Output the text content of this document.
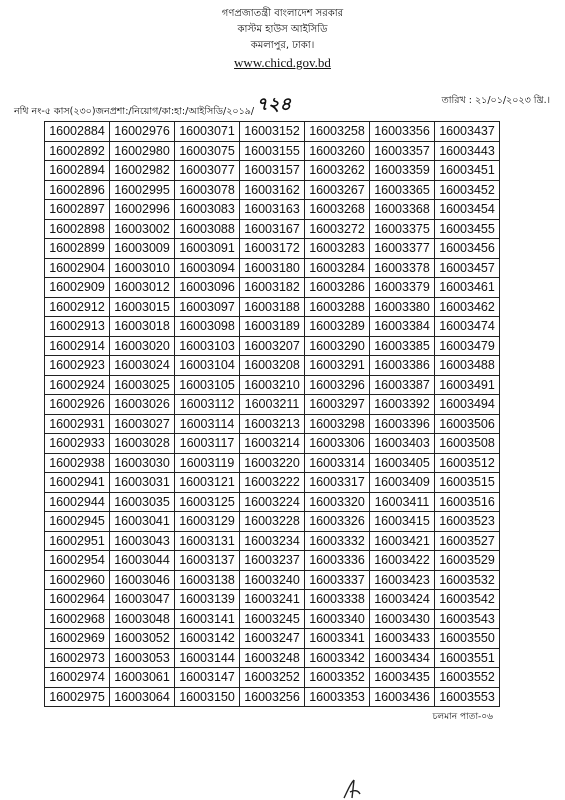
গণপ্রজাতন্ত্রী বাংলাদেশ সরকার
কাস্টম হাউস আইসিডি
কমলাপুর, ঢাকা।
www.chicd.gov.bd
নথি নং-৫ কাস(২৩০)জনপ্রশা:/নিয়োগ/কা:হা:/আইসিডি/২০১৯/ ৭২৪	তারিখ : ২১/০১/২০২৩ খ্রি.।
16002884	16002976	16003071	16003152	16003258	16003356	16003437
16002892	16002980	16003075	16003155	16003260	16003357	16003443
16002894	16002982	16003077	16003157	16003262	16003359	16003451
16002896	16002995	16003078	16003162	16003267	16003365	16003452
16002897	16002996	16003083	16003163	16003268	16003368	16003454
16002898	16003002	16003088	16003167	16003272	16003375	16003455
16002899	16003009	16003091	16003172	16003283	16003377	16003456
16002904	16003010	16003094	16003180	16003284	16003378	16003457
16002909	16003012	16003096	16003182	16003286	16003379	16003461
16002912	16003015	16003097	16003188	16003288	16003380	16003462
16002913	16003018	16003098	16003189	16003289	16003384	16003474
16002914	16003020	16003103	16003207	16003290	16003385	16003479
16002923	16003024	16003104	16003208	16003291	16003386	16003488
16002924	16003025	16003105	16003210	16003296	16003387	16003491
16002926	16003026	16003112	16003211	16003297	16003392	16003494
16002931	16003027	16003114	16003213	16003298	16003396	16003506
16002933	16003028	16003117	16003214	16003306	16003403	16003508
16002938	16003030	16003119	16003220	16003314	16003405	16003512
16002941	16003031	16003121	16003222	16003317	16003409	16003515
16002944	16003035	16003125	16003224	16003320	16003411	16003516
16002945	16003041	16003129	16003228	16003326	16003415	16003523
16002951	16003043	16003131	16003234	16003332	16003421	16003527
16002954	16003044	16003137	16003237	16003336	16003422	16003529
16002960	16003046	16003138	16003240	16003337	16003423	16003532
16002964	16003047	16003139	16003241	16003338	16003424	16003542
16002968	16003048	16003141	16003245	16003340	16003430	16003543
16002969	16003052	16003142	16003247	16003341	16003433	16003550
16002973	16003053	16003144	16003248	16003342	16003434	16003551
16002974	16003061	16003147	16003252	16003352	16003435	16003552
16002975	16003064	16003150	16003256	16003353	16003436	16003553
চলমান পাতা-০৬
